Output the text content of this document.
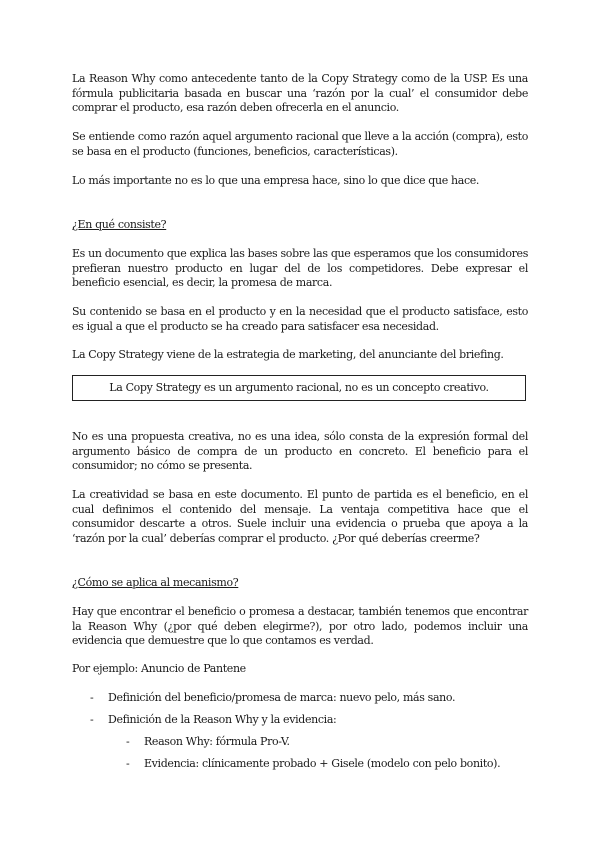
La Reason Why como antecedente tanto de la Copy Strategy como de la USP. Es una fórmula publicitaria basada en buscar una ‘razón por la cual’ el consumidor debe comprar el producto, esa razón deben ofrecerla en el anuncio.

Se entiende como razón aquel argumento racional que lleve a la acción (compra), esto se basa en el producto (funciones, beneficios, características).

Lo más importante no es lo que una empresa hace, sino lo que dice que hace.

¿En qué consiste?

Es un documento que explica las bases sobre las que esperamos que los consumidores prefieran nuestro producto en lugar del de los competidores. Debe expresar el beneficio esencial, es decir, la promesa de marca.

Su contenido se basa en el producto y en la necesidad que el producto satisface, esto es igual a que el producto se ha creado para satisfacer esa necesidad.

La Copy Strategy viene de la estrategia de marketing, del anunciante del briefing.

La Copy Strategy es un argumento racional, no es un concepto creativo.

No es una propuesta creativa, no es una idea, sólo consta de la expresión formal del argumento básico de compra de un producto en concreto. El beneficio para el consumidor; no cómo se presenta.

La creatividad se basa en este documento. El punto de partida es el beneficio, en el cual definimos el contenido del mensaje. La ventaja competitiva hace que el consumidor descarte a otros. Suele incluir una evidencia o prueba que apoya a la ‘razón por la cual’ deberías comprar el producto. ¿Por qué deberías creerme?

¿Cómo se aplica al mecanismo?

Hay que encontrar el beneficio o promesa a destacar, también tenemos que encontrar la Reason Why (¿por qué deben elegirme?), por otro lado, podemos incluir una evidencia que demuestre que lo que contamos es verdad.

Por ejemplo: Anuncio de Pantene

- Definición del beneficio/promesa de marca: nuevo pelo, más sano.
- Definición de la Reason Why y la evidencia:
- Reason Why: fórmula Pro-V.
- Evidencia: clínicamente probado + Gisele (modelo con pelo bonito).
